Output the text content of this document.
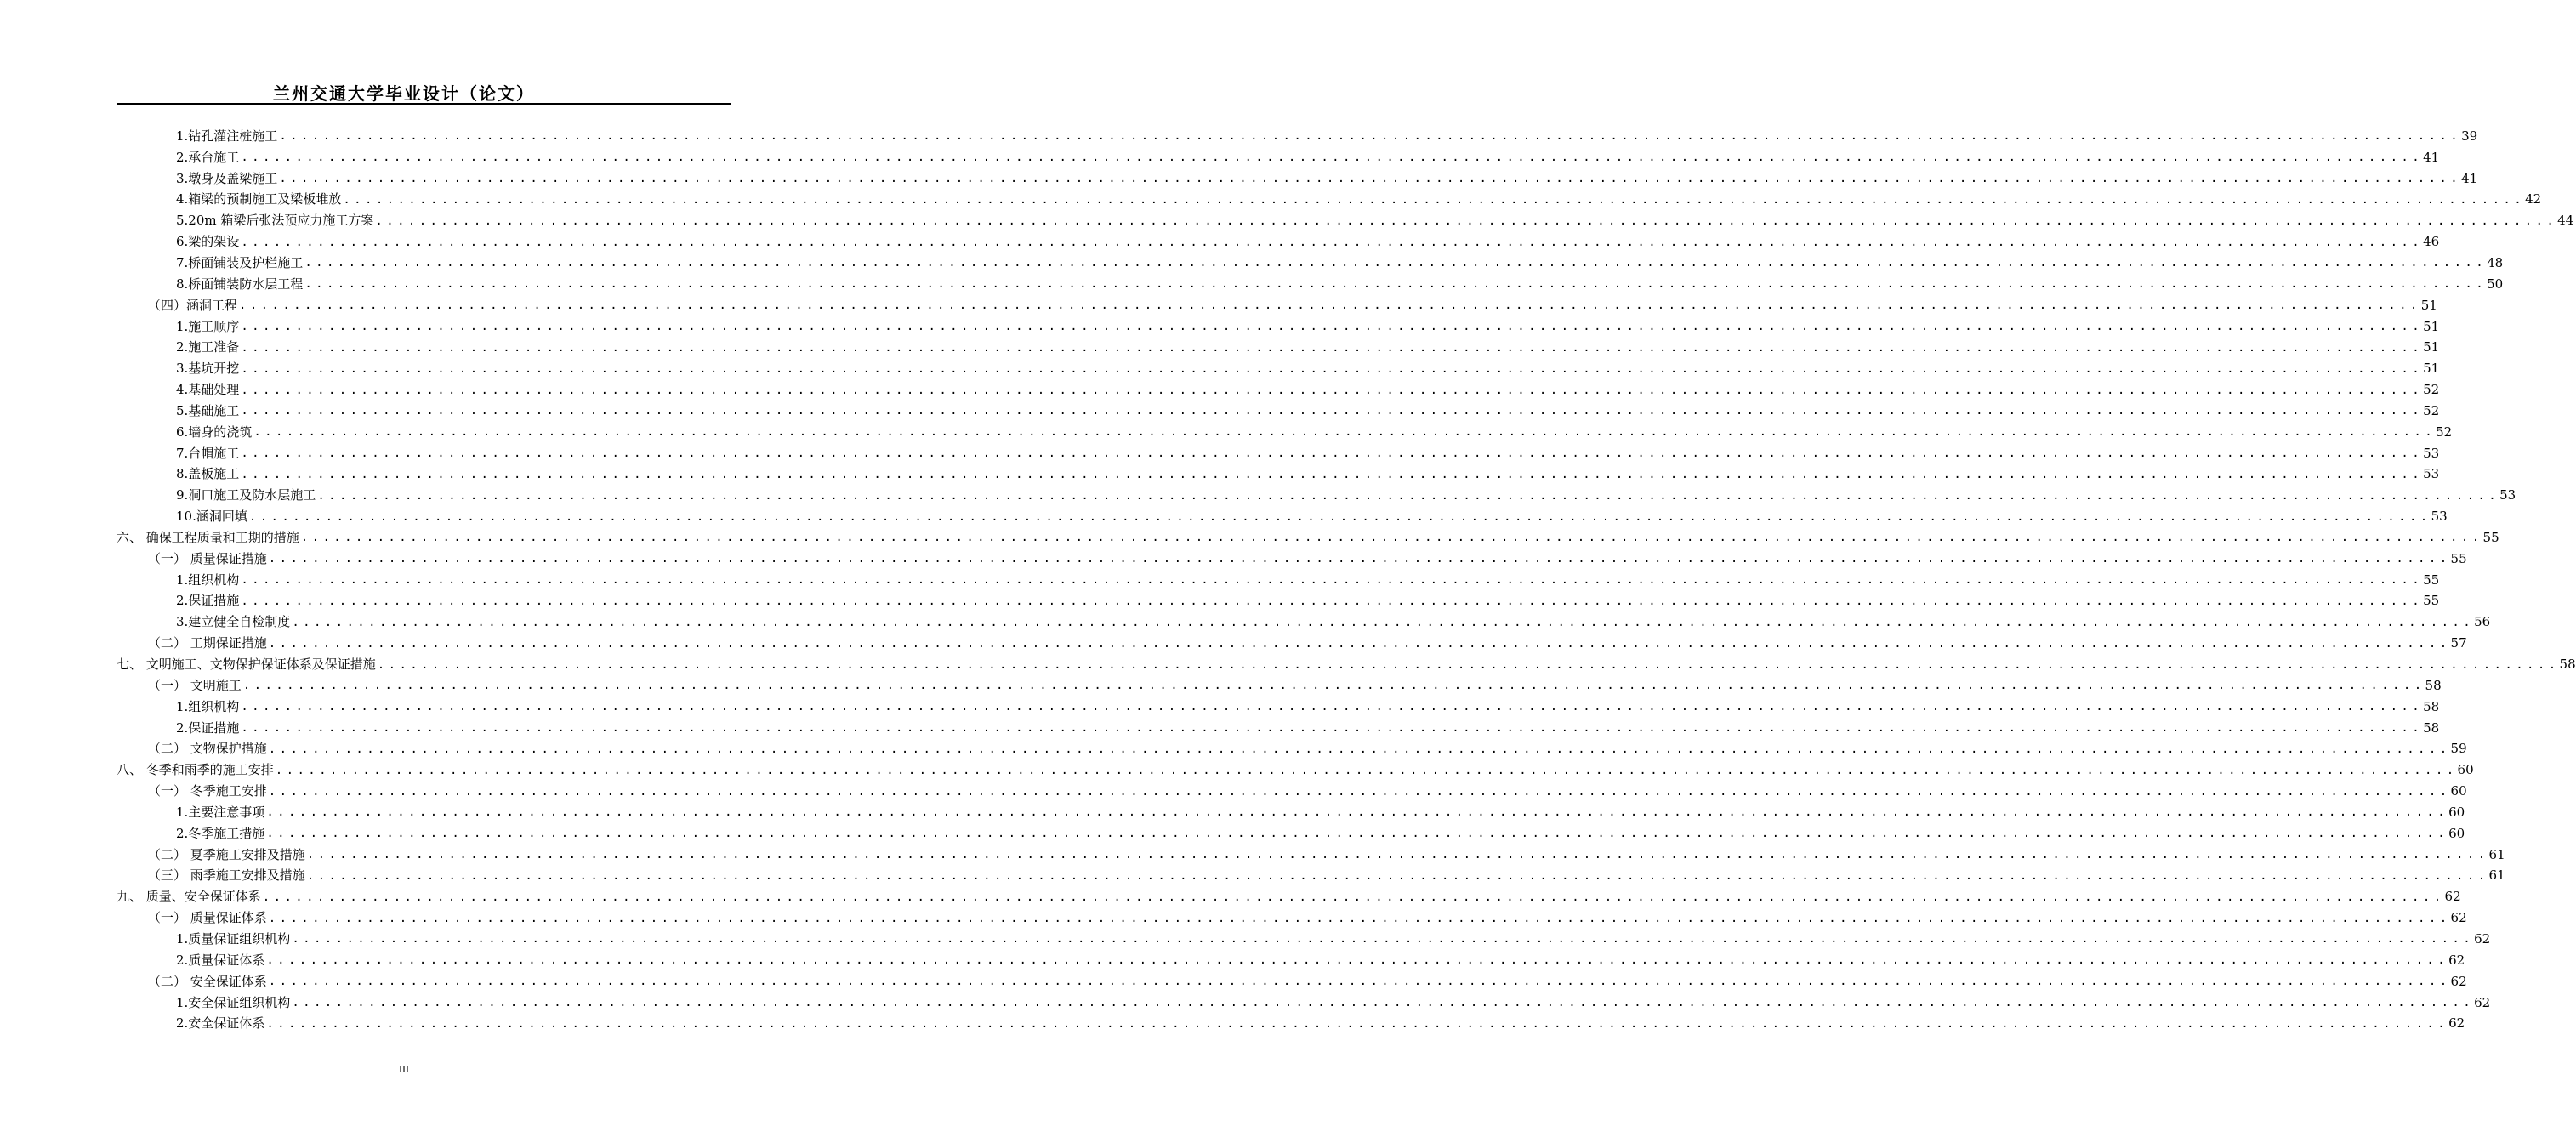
兰州交通大学毕业设计（论文）
1.钻孔灌注桩施工 ........................................................................................................................................................................................................ 39
2.承台施工 ........................................................................................................................................................................................................ 41
3.墩身及盖梁施工 ........................................................................................................................................................................................................ 41
4.箱梁的预制施工及梁板堆放 ........................................................................................................................................................................................................ 42
5.20m 箱梁后张法预应力施工方案 ........................................................................................................................................................................................................ 44
6.梁的架设 ........................................................................................................................................................................................................ 46
7.桥面铺装及护栏施工 ........................................................................................................................................................................................................ 48
8.桥面铺装防水层工程 ........................................................................................................................................................................................................ 50
（四）涵洞工程 ........................................................................................................................................................................................................ 51
1.施工顺序 ........................................................................................................................................................................................................ 51
2.施工准备 ........................................................................................................................................................................................................ 51
3.基坑开挖 ........................................................................................................................................................................................................ 51
4.基础处理 ........................................................................................................................................................................................................ 52
5.基础施工 ........................................................................................................................................................................................................ 52
6.墙身的浇筑 ........................................................................................................................................................................................................ 52
7.台帽施工 ........................................................................................................................................................................................................ 53
8.盖板施工 ........................................................................................................................................................................................................ 53
9.洞口施工及防水层施工 ........................................................................................................................................................................................................ 53
10.涵洞回填 ........................................................................................................................................................................................................ 53
六、 确保工程质量和工期的措施 ........................................................................................................................................................................................................ 55
（一） 质量保证措施 ........................................................................................................................................................................................................ 55
1.组织机构 ........................................................................................................................................................................................................ 55
2.保证措施 ........................................................................................................................................................................................................ 55
3.建立健全自检制度 ........................................................................................................................................................................................................ 56
（二） 工期保证措施 ........................................................................................................................................................................................................ 57
七、 文明施工、文物保护保证体系及保证措施 ........................................................................................................................................................................................................ 58
（一） 文明施工 ........................................................................................................................................................................................................ 58
1.组织机构 ........................................................................................................................................................................................................ 58
2.保证措施 ........................................................................................................................................................................................................ 58
（二） 文物保护措施 ........................................................................................................................................................................................................ 59
八、 冬季和雨季的施工安排 ........................................................................................................................................................................................................ 60
（一） 冬季施工安排 ........................................................................................................................................................................................................ 60
1.主要注意事项 ........................................................................................................................................................................................................ 60
2.冬季施工措施 ........................................................................................................................................................................................................ 60
（二） 夏季施工安排及措施 ........................................................................................................................................................................................................ 61
（三） 雨季施工安排及措施 ........................................................................................................................................................................................................ 61
九、 质量、安全保证体系 ........................................................................................................................................................................................................ 62
（一） 质量保证体系 ........................................................................................................................................................................................................ 62
1.质量保证组织机构 ........................................................................................................................................................................................................ 62
2.质量保证体系 ........................................................................................................................................................................................................ 62
（二） 安全保证体系 ........................................................................................................................................................................................................ 62
1.安全保证组织机构 ........................................................................................................................................................................................................ 62
2.安全保证体系 ........................................................................................................................................................................................................ 62
III
